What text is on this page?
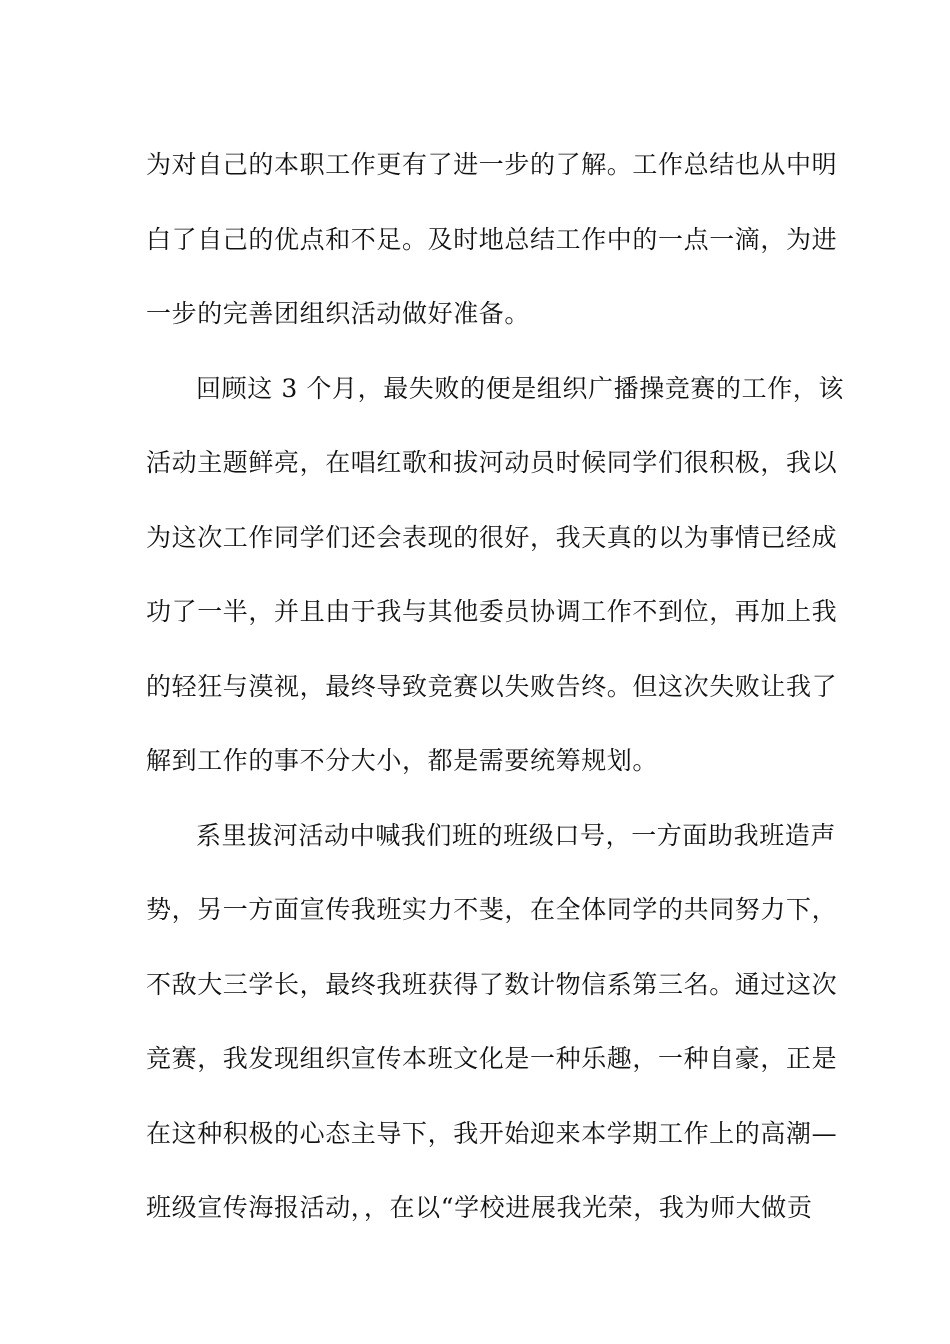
为对自己的本职工作更有了进一步的了解。工作总结也从中明
白了自己的优点和不足。及时地总结工作中的一点一滴，为进
一步的完善团组织活动做好准备。
回顾这 3 个月，最失败的便是组织广播操竞赛的工作，该
活动主题鲜亮，在唱红歌和拔河动员时候同学们很积极，我以
为这次工作同学们还会表现的很好，我天真的以为事情已经成
功了一半，并且由于我与其他委员协调工作不到位，再加上我
的轻狂与漠视，最终导致竞赛以失败告终。但这次失败让我了
解到工作的事不分大小，都是需要统筹规划。
系里拔河活动中喊我们班的班级口号，一方面助我班造声
势，另一方面宣传我班实力不斐，在全体同学的共同努力下，
不敌大三学长，最终我班获得了数计物信系第三名。通过这次
竞赛，我发现组织宣传本班文化是一种乐趣，一种自豪，正是
在这种积极的心态主导下，我开始迎来本学期工作上的高潮—
班级宣传海报活动，，在以“学校进展我光荣，我为师大做贡
